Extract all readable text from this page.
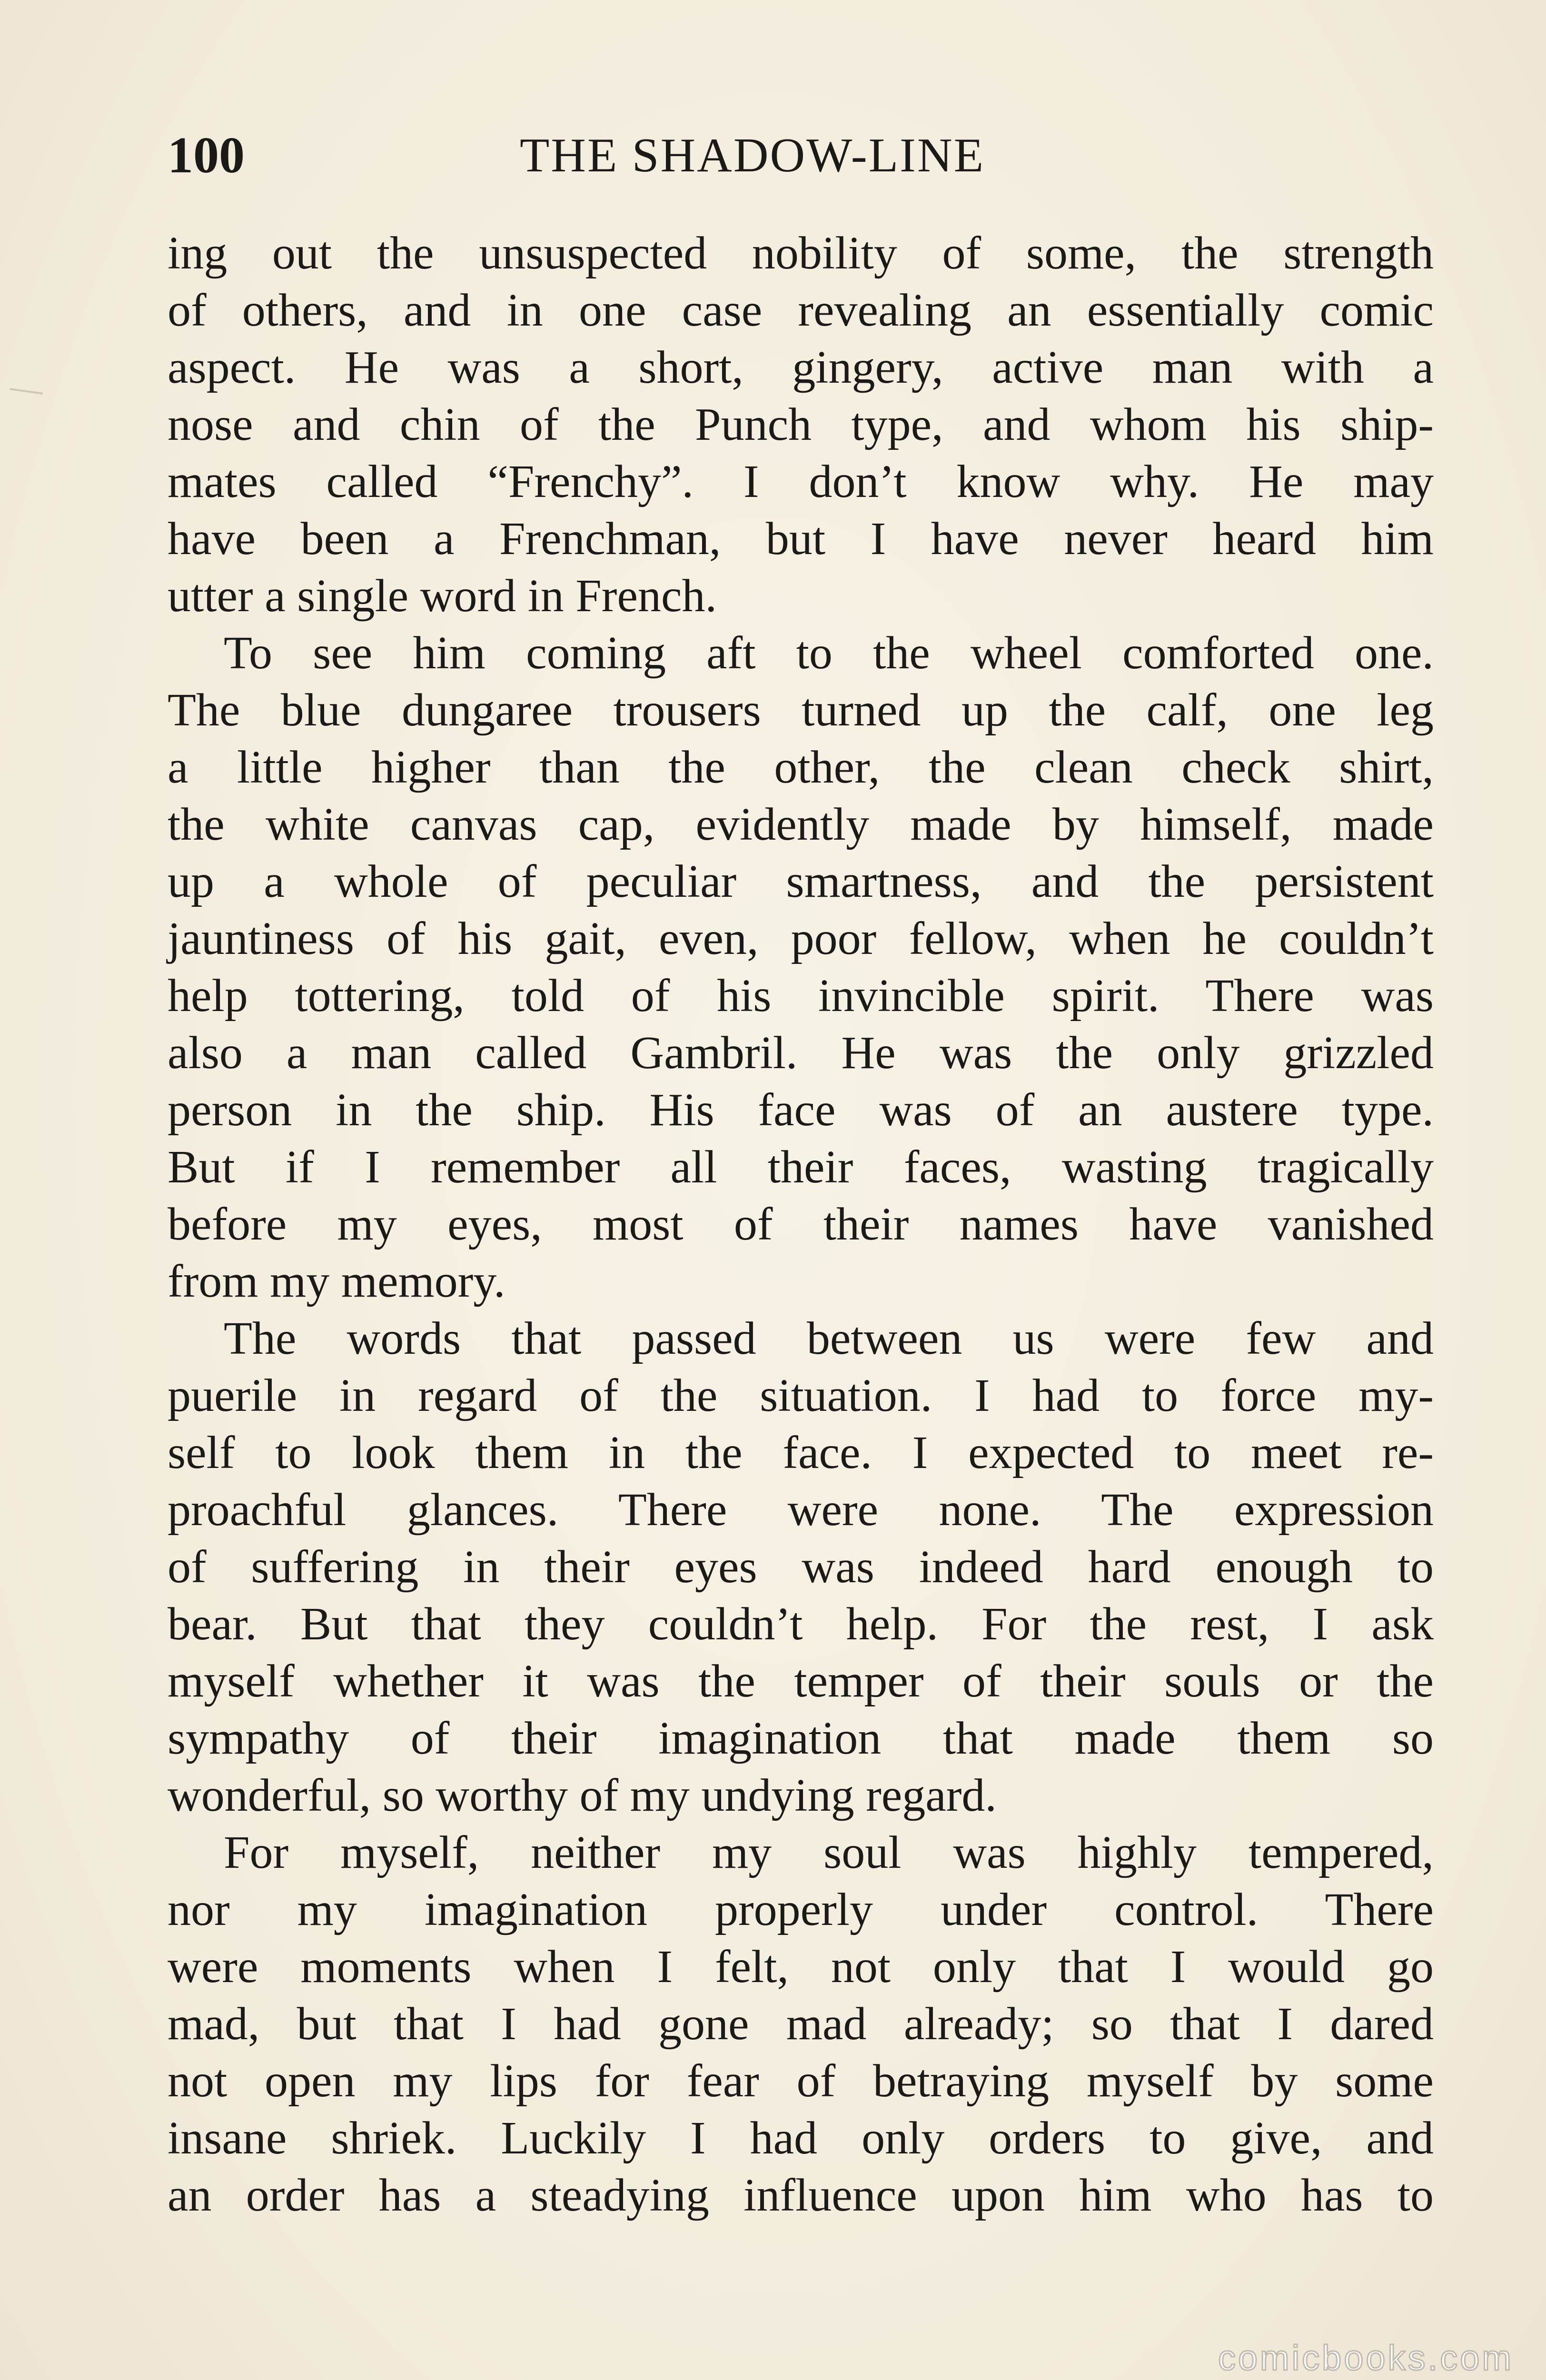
100	THE SHADOW-LINE
ing out the unsuspected nobility of some, the strength
of others, and in one case revealing an essentially comic
aspect. He was a short, gingery, active man with a
nose and chin of the Punch type, and whom his ship-
mates called “Frenchy”. I don’t know why. He may
have been a Frenchman, but I have never heard him
utter a single word in French.
To see him coming aft to the wheel comforted one.
The blue dungaree trousers turned up the calf, one leg
a little higher than the other, the clean check shirt,
the white canvas cap, evidently made by himself, made
up a whole of peculiar smartness, and the persistent
jauntiness of his gait, even, poor fellow, when he couldn’t
help tottering, told of his invincible spirit. There was
also a man called Gambril. He was the only grizzled
person in the ship. His face was of an austere type.
But if I remember all their faces, wasting tragically
before my eyes, most of their names have vanished
from my memory.
The words that passed between us were few and
puerile in regard of the situation. I had to force my-
self to look them in the face. I expected to meet re-
proachful glances. There were none. The expression
of suffering in their eyes was indeed hard enough to
bear. But that they couldn’t help. For the rest, I ask
myself whether it was the temper of their souls or the
sympathy of their imagination that made them so
wonderful, so worthy of my undying regard.
For myself, neither my soul was highly tempered,
nor my imagination properly under control. There
were moments when I felt, not only that I would go
mad, but that I had gone mad already; so that I dared
not open my lips for fear of betraying myself by some
insane shriek. Luckily I had only orders to give, and
an order has a steadying influence upon him who has to
comicbooks.com
